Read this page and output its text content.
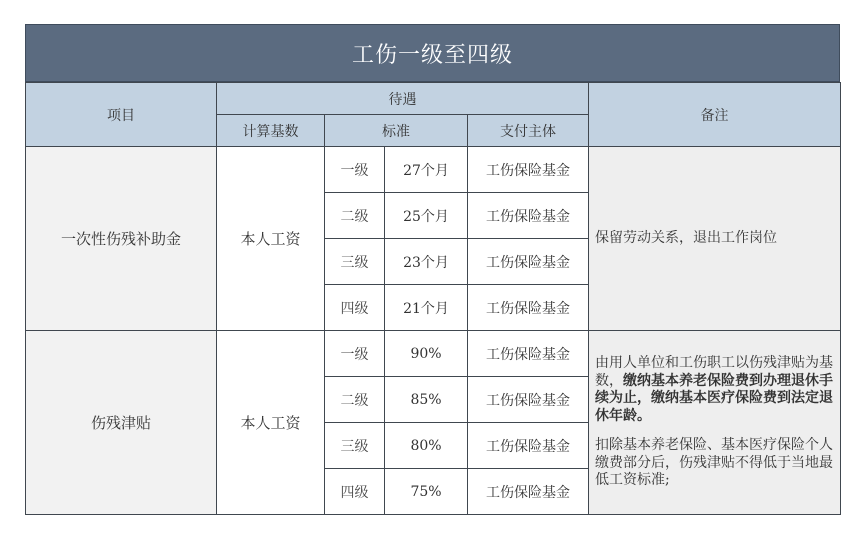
工伤一级至四级
项目	待遇				备注
	计算基数	标准		支付主体	
一次性伤残补助金	本人工资	一级	27个月	工伤保险基金	保留劳动关系，退出工作岗位
		二级	25个月	工伤保险基金	
		三级	23个月	工伤保险基金	
		四级	21个月	工伤保险基金	
伤残津贴	本人工资	一级	90%	工伤保险基金	由用人单位和工伤职工以伤残津贴为基数，缴纳基本养老保险费到办理退休手续为止，缴纳基本医疗保险费到法定退休年龄。

扣除基本养老保险、基本医疗保险个人缴费部分后，伤残津贴不得低于当地最低工资标准;

		二级	85%	工伤保险基金	
		三级	80%	工伤保险基金	
		四级	75%	工伤保险基金	
